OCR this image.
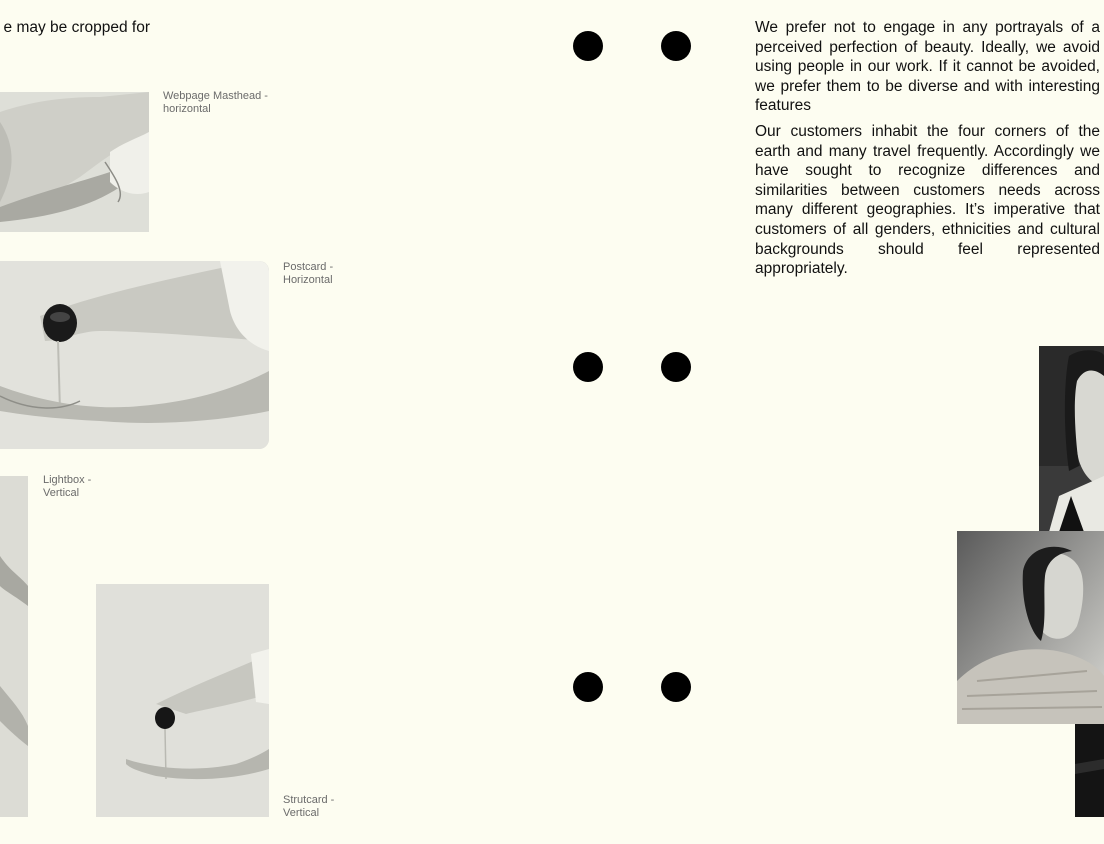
e may be cropped for
Webpage Masthead - horizontal
Postcard - Horizontal
Lightbox - Vertical
Strutcard - Vertical
We prefer not to engage in any portrayals of a perceived perfection of beauty. Ideally, we avoid using people in our work. If it cannot be avoided, we prefer them to be diverse and with interesting features
Our customers inhabit the four corners of the earth and many travel frequently. Accordingly we have sought to recognize differences and similarities between customers needs across many different geographies. It’s imperative that customers of all genders, ethnicities and cultural backgrounds should feel represented appropriately.
